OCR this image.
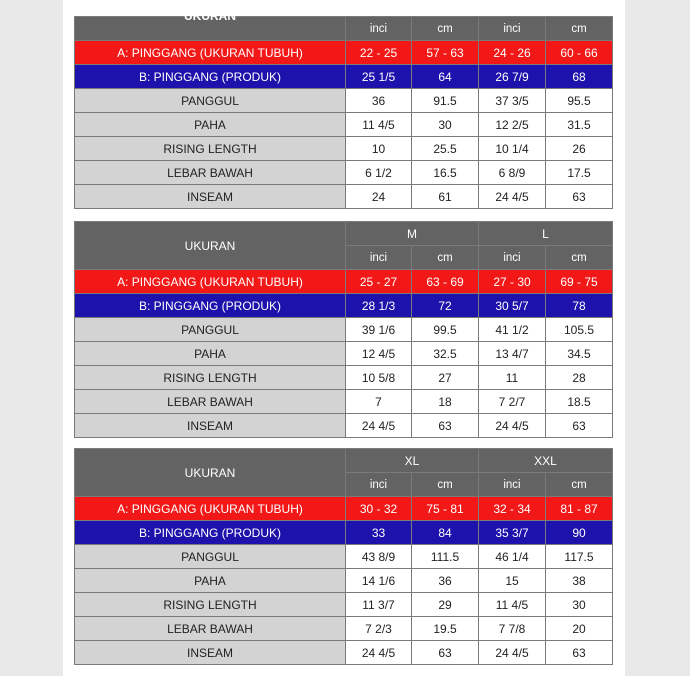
UKURAN	inci	cm	inci	cm
A: PINGGANG (UKURAN TUBUH)	22 - 25	57 - 63	24 - 26	60 - 66
B: PINGGANG (PRODUK)	25 1/5	64	26 7/9	68
PANGGUL	36	91.5	37 3/5	95.5
PAHA	11 4/5	30	12 2/5	31.5
RISING LENGTH	10	25.5	10 1/4	26
LEBAR BAWAH	6 1/2	16.5	6 8/9	17.5
INSEAM	24	61	24 4/5	63
UKURAN	M		L	
	inci	cm	inci	cm
A: PINGGANG (UKURAN TUBUH)	25 - 27	63 - 69	27 - 30	69 - 75
B: PINGGANG (PRODUK)	28 1/3	72	30 5/7	78
PANGGUL	39 1/6	99.5	41 1/2	105.5
PAHA	12 4/5	32.5	13 4/7	34.5
RISING LENGTH	10 5/8	27	11	28
LEBAR BAWAH	7	18	7 2/7	18.5
INSEAM	24 4/5	63	24 4/5	63
UKURAN	XL		XXL	
	inci	cm	inci	cm
A: PINGGANG (UKURAN TUBUH)	30 - 32	75 - 81	32 - 34	81 - 87
B: PINGGANG (PRODUK)	33	84	35 3/7	90
PANGGUL	43 8/9	111.5	46 1/4	117.5
PAHA	14 1/6	36	15	38
RISING LENGTH	11 3/7	29	11 4/5	30
LEBAR BAWAH	7 2/3	19.5	7 7/8	20
INSEAM	24 4/5	63	24 4/5	63
